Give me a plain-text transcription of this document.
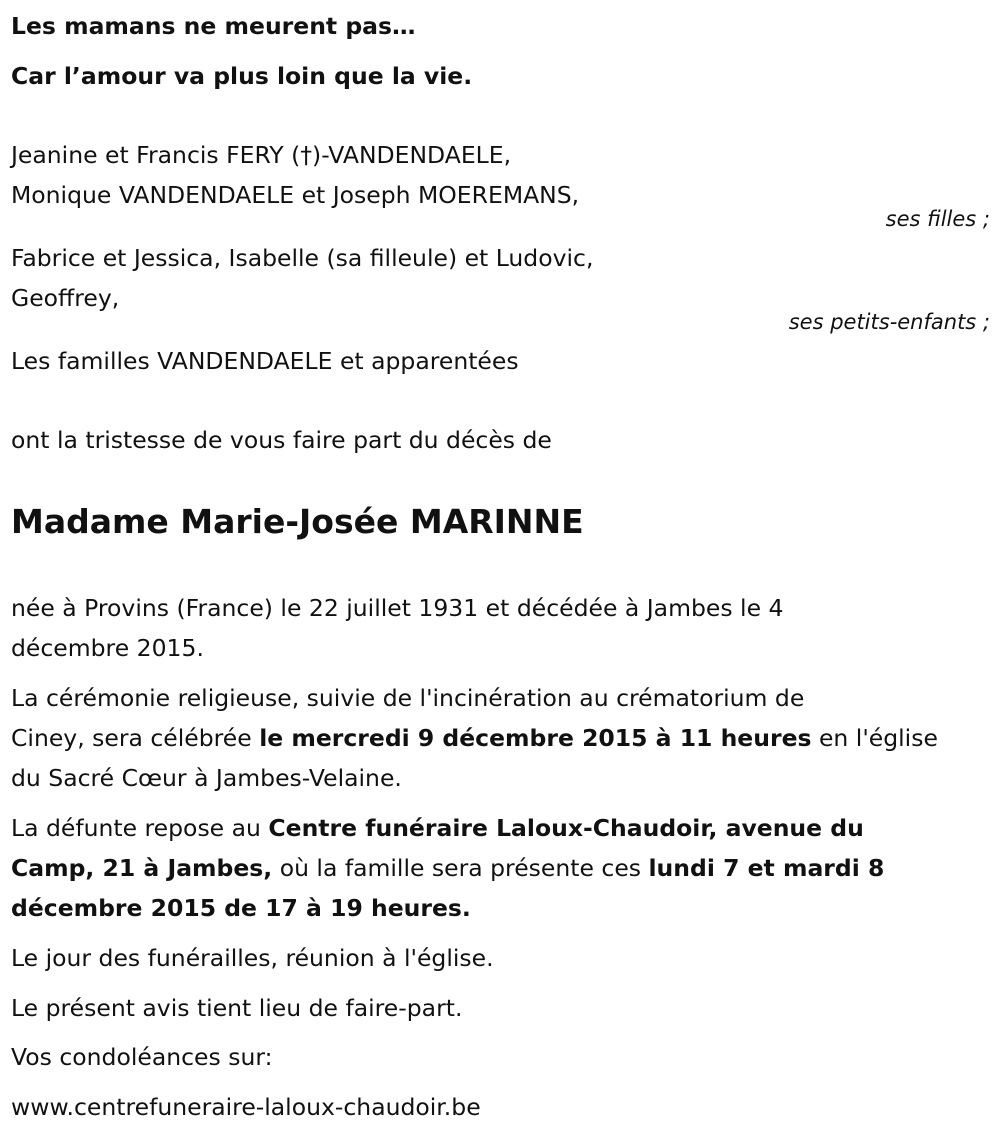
Les mamans ne meurent pas…

Car l’amour va plus loin que la vie.

Jeanine et Francis FERY (†)-VANDENDAELE,

Monique VANDENDAELE et Joseph MOEREMANS,

ses filles ;

Fabrice et Jessica, Isabelle (sa filleule) et Ludovic,

Geoffrey,

ses petits-enfants ;

Les familles VANDENDAELE et apparentées

ont la tristesse de vous faire part du décès de

Madame Marie-Josée MARINNE

née à Provins (France) le 22 juillet 1931 et décédée à Jambes le 4

décembre 2015.

La cérémonie religieuse, suivie de l'incinération au crématorium de

Ciney, sera célébrée le mercredi 9 décembre 2015 à 11 heures en l'église

du Sacré Cœur à Jambes-Velaine.

La défunte repose au Centre funéraire Laloux-Chaudoir, avenue du

Camp, 21 à Jambes, où la famille sera présente ces lundi 7 et mardi 8

décembre 2015 de 17 à 19 heures.

Le jour des funérailles, réunion à l'église.

Le présent avis tient lieu de faire-part.

Vos condoléances sur:

www.centrefuneraire-laloux-chaudoir.be
